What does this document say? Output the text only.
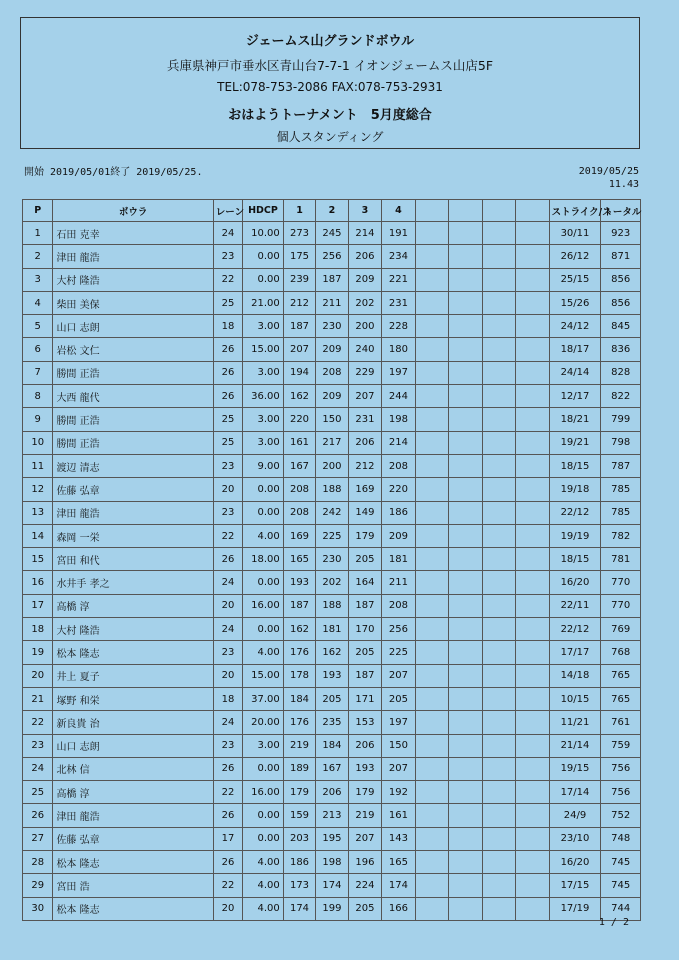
ジェームス山グランドボウル
兵庫県神戸市垂水区青山台7-7-1 イオンジェームス山店5F
TEL:078-753-2086 FAX:078-753-2931
おはようトーナメント　5月度総合
個人スタンディング
開始 2019/05/01終了 2019/05/25.	2019/05/25
11.43
P	ボウラ	レーン	HDCP	1	2	3	4					ストライク/ス	トータル
1	石田 克幸	24	10.00	273	245	214	191					30/11	923
2	津田 龍浩	23	0.00	175	256	206	234					26/12	871
3	大村 隆浩	22	0.00	239	187	209	221					25/15	856
4	柴田 美保	25	21.00	212	211	202	231					15/26	856
5	山口 志朗	18	3.00	187	230	200	228					24/12	845
6	岩松 文仁	26	15.00	207	209	240	180					18/17	836
7	勝間 正浩	26	3.00	194	208	229	197					24/14	828
8	大西 龍代	26	36.00	162	209	207	244					12/17	822
9	勝間 正浩	25	3.00	220	150	231	198					18/21	799
10	勝間 正浩	25	3.00	161	217	206	214					19/21	798
11	渡辺 清志	23	9.00	167	200	212	208					18/15	787
12	佐藤 弘章	20	0.00	208	188	169	220					19/18	785
13	津田 龍浩	23	0.00	208	242	149	186					22/12	785
14	森岡 一栄	22	4.00	169	225	179	209					19/19	782
15	宮田 和代	26	18.00	165	230	205	181					18/15	781
16	水井手 孝之	24	0.00	193	202	164	211					16/20	770
17	高橋 淳	20	16.00	187	188	187	208					22/11	770
18	大村 隆浩	24	0.00	162	181	170	256					22/12	769
19	松本 隆志	23	4.00	176	162	205	225					17/17	768
20	井上 夏子	20	15.00	178	193	187	207					14/18	765
21	塚野 和栄	18	37.00	184	205	171	205					10/15	765
22	新良貴 治	24	20.00	176	235	153	197					11/21	761
23	山口 志朗	23	3.00	219	184	206	150					21/14	759
24	北林 信	26	0.00	189	167	193	207					19/15	756
25	高橋 淳	22	16.00	179	206	179	192					17/14	756
26	津田 龍浩	26	0.00	159	213	219	161					24/9	752
27	佐藤 弘章	17	0.00	203	195	207	143					23/10	748
28	松本 隆志	26	4.00	186	198	196	165					16/20	745
29	宮田 浩	22	4.00	173	174	224	174					17/15	745
30	松本 隆志	20	4.00	174	199	205	166					17/19	744
1 / 2
